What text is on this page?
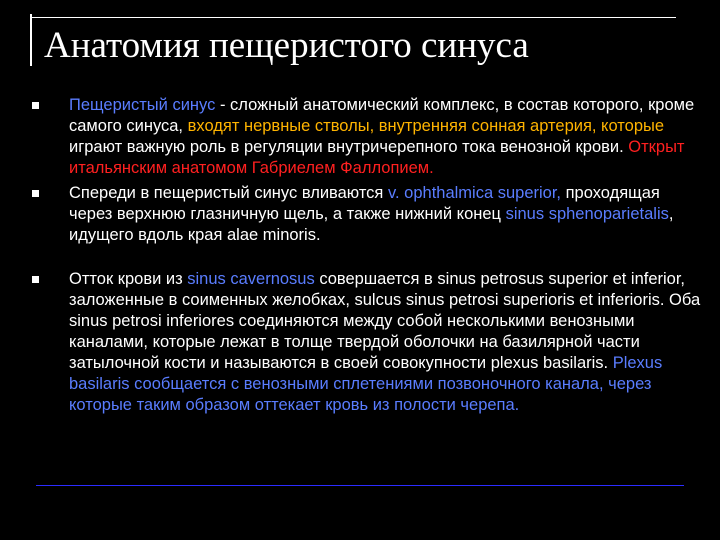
Анатомия пещеристого синуса
Пещеристый синус - сложный анатомический комплекс, в состав которого, кроме самого синуса, входят нервные стволы, внутренняя сонная артерия, которые играют важную роль в регуляции внутричерепного тока венозной крови. Открыт итальянским анатомом Габриелем Фаллопием.
Спереди в пещеристый синус вливаются v. ophthalmica superior, проходящая через верхнюю глазничную щель, а также нижний конец sinus sphenoparietalis, идущего вдоль края alae minoris.
Отток крови из sinus cavernosus совершается в sinus petrosus superior et inferior, заложенные в соименных желобках, sulcus sinus petrosi superioris et inferioris. Оба sinus petrosi inferiores соединяются между собой несколькими венозными каналами, которые лежат в толще твердой оболочки на базилярной части затылочной кости и называются в своей совокупности plexus basilaris. Plexus basilaris сообщается с венозными сплетениями позвоночного канала, через которые таким образом оттекает кровь из полости черепа.
